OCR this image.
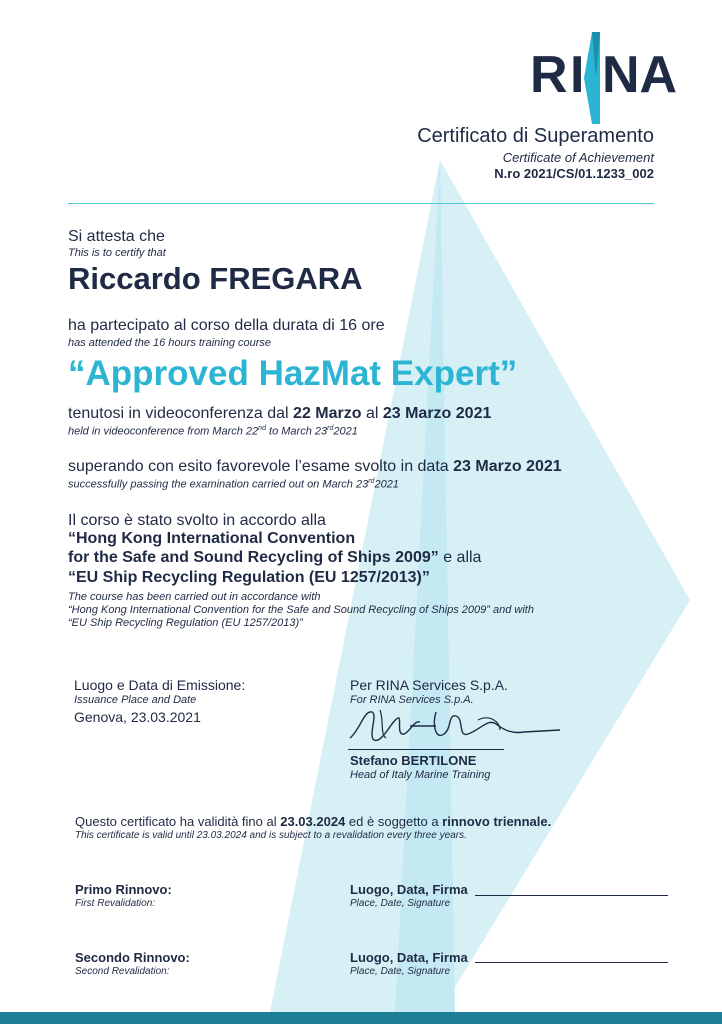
R I NA
Certificato di Superamento
Certificate of Achievement
N.ro 2021/CS/01.1233_002
Si attesta che
This is to certify that
Riccardo FREGARA
ha partecipato al corso della durata di 16 ore
has attended the 16 hours training course
“Approved HazMat Expert”
tenutosi in videoconferenza dal 22 Marzo al 23 Marzo 2021
held in videoconference from March 22nd to March 23rd2021
superando con esito favorevole l’esame svolto in data 23 Marzo 2021
successfully passing the examination carried out on March 23rd2021
Il corso è stato svolto in accordo alla
“Hong Kong International Convention
for the Safe and Sound Recycling of Ships 2009” e alla
“EU Ship Recycling Regulation (EU 1257/2013)”
The course has been carried out in accordance with
“Hong Kong International Convention for the Safe and Sound Recycling of Ships 2009” and with
“EU Ship Recycling Regulation (EU 1257/2013)”
Luogo e Data di Emissione:
Issuance Place and Date
Genova, 23.03.2021
Per RINA Services S.p.A.
For RINA Services S.p.A.
Stefano BERTILONE
Head of Italy Marine Training
Questo certificato ha validità fino al 23.03.2024 ed è soggetto a rinnovo triennale.
This certificate is valid until 23.03.2024 and is subject to a revalidation every three years.
Primo Rinnovo:
First Revalidation:
Luogo, Data, Firma
Place, Date, Signature
Secondo Rinnovo:
Second Revalidation:
Luogo, Data, Firma
Place, Date, Signature
